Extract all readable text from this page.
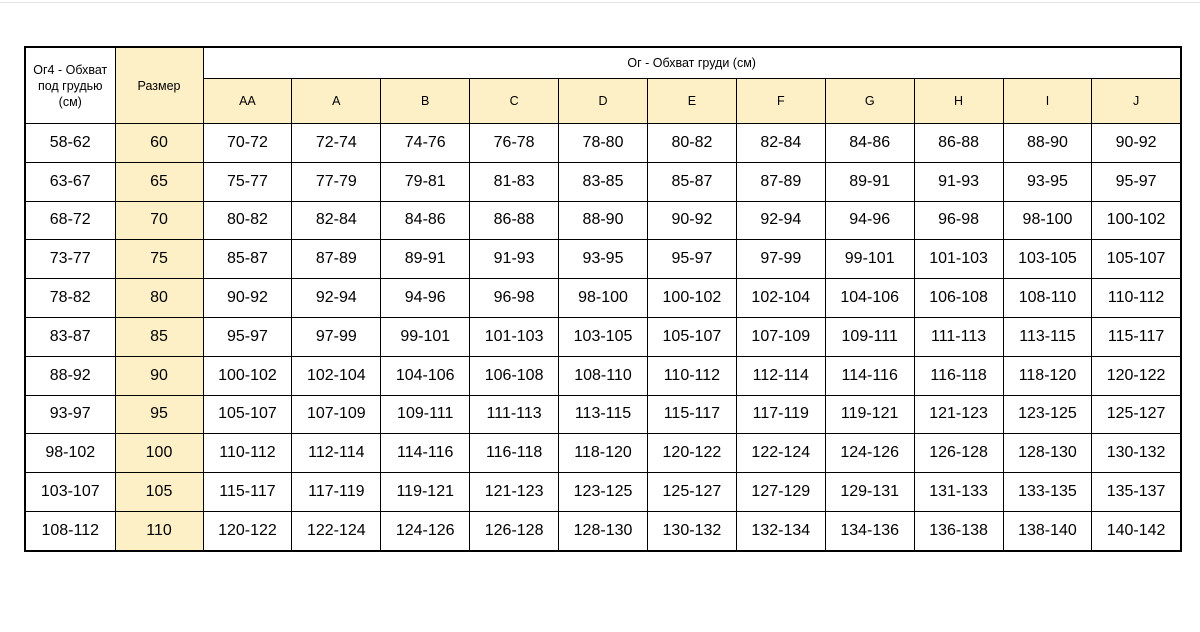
Ог4 - Обхват под грудью (см)	Размер	Ог - Обхват груди (см)										
		AA	A	B	C	D	E	F	G	H	I	J
58-62	60	70-72	72-74	74-76	76-78	78-80	80-82	82-84	84-86	86-88	88-90	90-92
63-67	65	75-77	77-79	79-81	81-83	83-85	85-87	87-89	89-91	91-93	93-95	95-97
68-72	70	80-82	82-84	84-86	86-88	88-90	90-92	92-94	94-96	96-98	98-100	100-102
73-77	75	85-87	87-89	89-91	91-93	93-95	95-97	97-99	99-101	101-103	103-105	105-107
78-82	80	90-92	92-94	94-96	96-98	98-100	100-102	102-104	104-106	106-108	108-110	110-112
83-87	85	95-97	97-99	99-101	101-103	103-105	105-107	107-109	109-111	111-113	113-115	115-117
88-92	90	100-102	102-104	104-106	106-108	108-110	110-112	112-114	114-116	116-118	118-120	120-122
93-97	95	105-107	107-109	109-111	111-113	113-115	115-117	117-119	119-121	121-123	123-125	125-127
98-102	100	110-112	112-114	114-116	116-118	118-120	120-122	122-124	124-126	126-128	128-130	130-132
103-107	105	115-117	117-119	119-121	121-123	123-125	125-127	127-129	129-131	131-133	133-135	135-137
108-112	110	120-122	122-124	124-126	126-128	128-130	130-132	132-134	134-136	136-138	138-140	140-142
